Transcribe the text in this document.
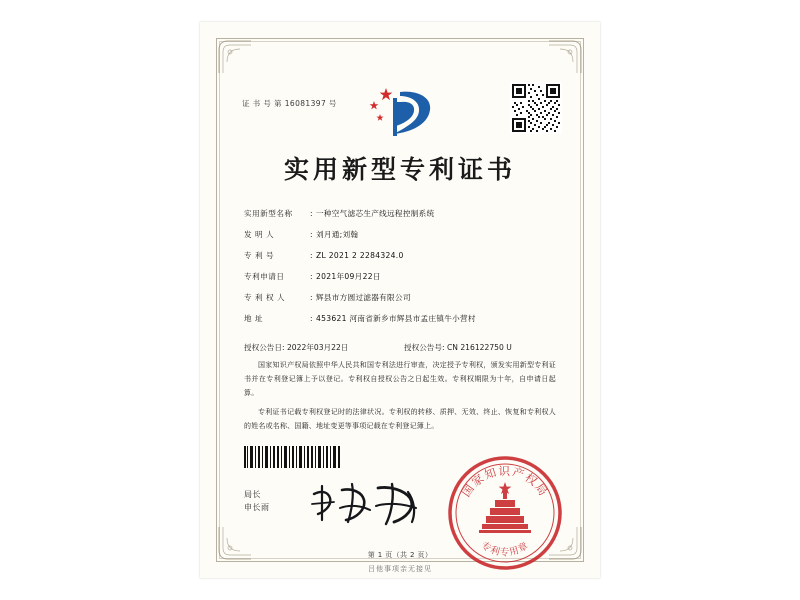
证 书 号 第 16081397 号
实用新型专利证书
实用新型名称 : 一种空气滤芯生产线远程控制系统
发 明 人	: 刘月通;刘翰
专 利 号	: ZL 2021 2 2284324.0
专利申请日	: 2021年09月22日
专 利 权 人	: 辉县市方圆过滤器有限公司
地 址	: 453621 河南省新乡市辉县市孟庄镇牛小营村
授权公告日: 2022年03月22日	授权公告号: CN 216122750 U

国家知识产权局依照中华人民共和国专利法进行审查，决定授予专利权，颁发实用新型专利证书并在专利登记簿上予以登记。专利权自授权公告之日起生效。专利权期限为十年，自申请日起算。

专利证书记载专利权登记时的法律状况。专利权的转移、质押、无效、终止、恢复和专利权人的姓名或名称、国籍、地址变更等事项记载在专利登记簿上。

局长
申长雨
国家知识产权局
专利专用章
第 1 页（共 2 页）
吕他事项亲无接见
